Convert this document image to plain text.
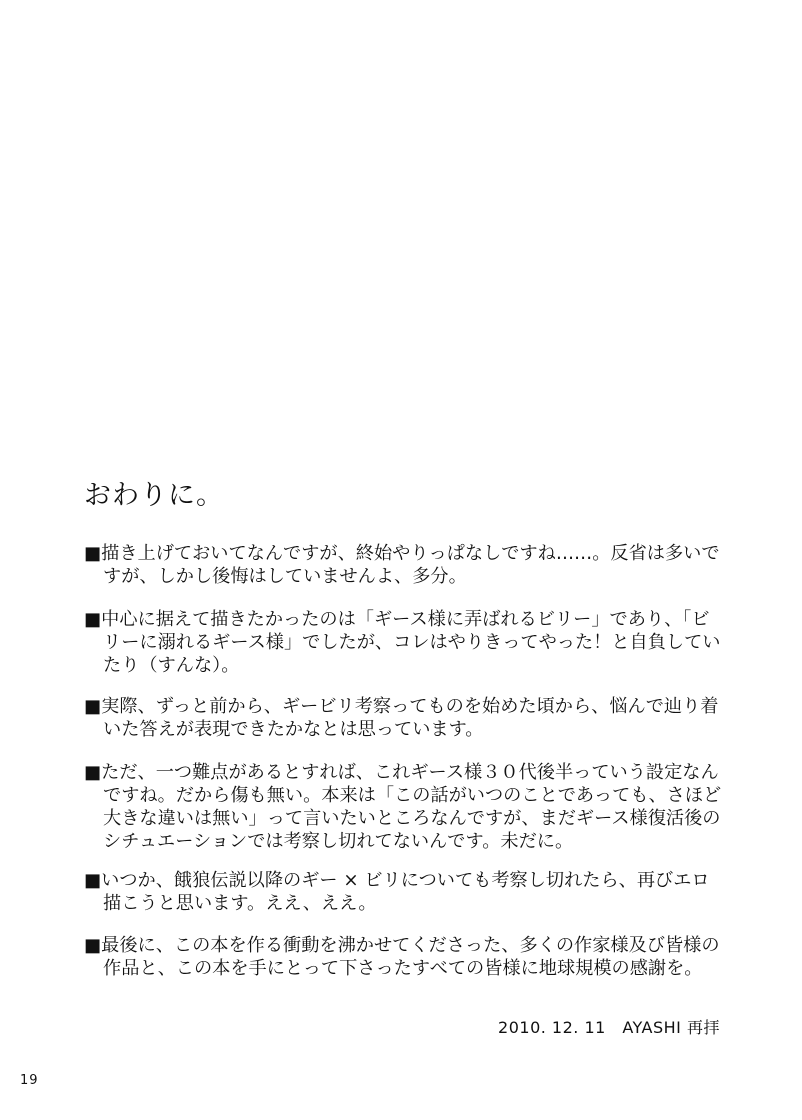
おわりに。

■描き上げておいてなんですが、終始やりっぱなしですね……。反省は多いで
すが、しかし後悔はしていませんよ、多分。

■中心に据えて描きたかったのは「ギース様に弄ばれるビリー」であり、「ビ
リーに溺れるギース様」でしたが、コレはやりきってやった！と自負してい
たり（すんな）。

■実際、ずっと前から、ギービリ考察ってものを始めた頃から、悩んで辿り着
いた答えが表現できたかなとは思っています。

■ただ、一つ難点があるとすれば、これギース様３０代後半っていう設定なん
ですね。だから傷も無い。本来は「この話がいつのことであっても、さほど
大きな違いは無い」って言いたいところなんですが、まだギース様復活後の
シチュエーションでは考察し切れてないんです。未だに。

■いつか、餓狼伝説以降のギー × ビリについても考察し切れたら、再びエロ
描こうと思います。ええ、ええ。

■最後に、この本を作る衝動を沸かせてくださった、多くの作家様及び皆様の
作品と、この本を手にとって下さったすべての皆様に地球規模の感謝を。

2010. 12. 11　AYASHI 再拝
19
